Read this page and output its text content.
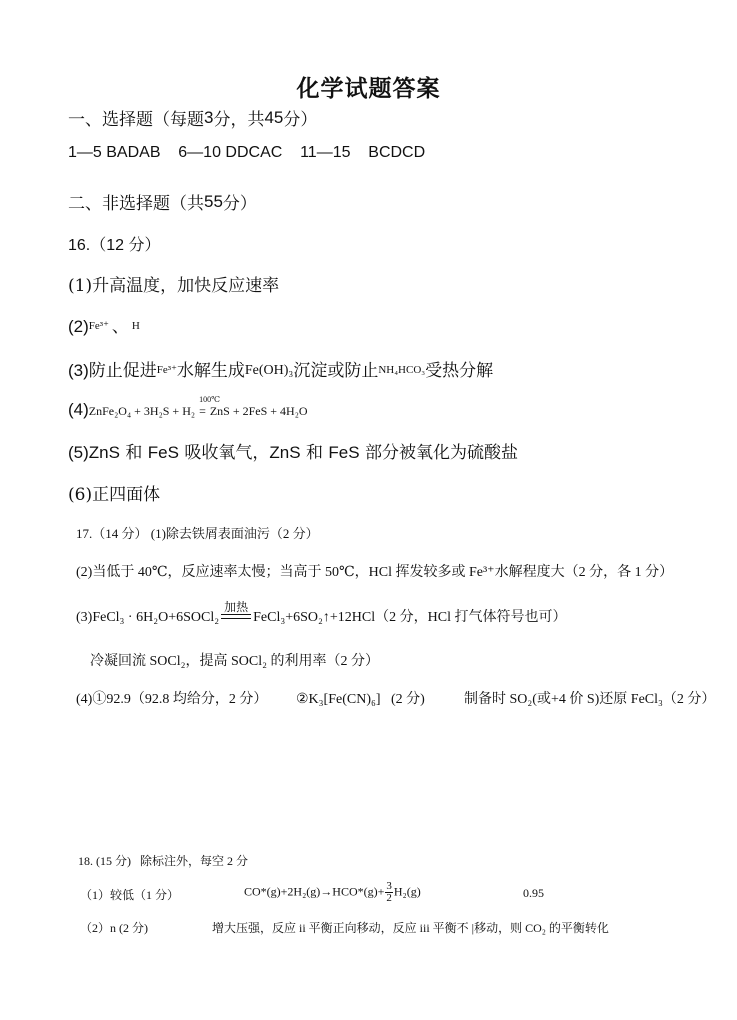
化学试题答案
一、选择题（每题3分，共45分）
1—5 BADAB    6—10 DDCAC    11—15    BCDCD
二、非选择题（共55分）
16.（12 分）
(1)升高温度，加快反应速率
(2)Fe³⁺ 、 H
(3)防止促进Fe³⁺水解生成Fe(OH)₃沉淀或防止NH₄HCO₃受热分解
(4)ZnFe₂O₄ + 3H₂S + H₂
100℃
= ZnS + 2FeS + 4H₂O
(5)ZnS 和 FeS 吸收氧气，ZnS 和 FeS 部分被氧化为硫酸盐
(6)正四面体
17.（14 分） (1)除去铁屑表面油污（2 分）
(2)当低于 40℃，反应速率太慢；当高于 50℃，HCl 挥发较多或 Fe³⁺水解程度大（2 分，各 1 分）
(3)FeCl₃ · 6H₂O+6SOCl₂
加热
FeCl₃+6SO₂↑+12HCl（2 分，HCl 打气体符号也可）
冷凝回流 SOCl₂，提高 SOCl₂ 的利用率（2 分）
(4)①92.9（92.8 均给分，2 分） ②K₃[Fe(CN)₆]   (2 分)	制备时 SO₂(或+4 价 S)还原 FeCl₃（2 分）
18. (15 分)   除标注外，每空 2 分
（1）较低（1 分）	$CO*(g)+2H_2(g)\to HCO*(g)+ \frac{3}{2} H_2(g)$	0.95
（2）n (2 分)	增大压强，反应 ii 平衡正向移动，反应 iii 平衡不 |移动，则 CO₂ 的平衡转化
